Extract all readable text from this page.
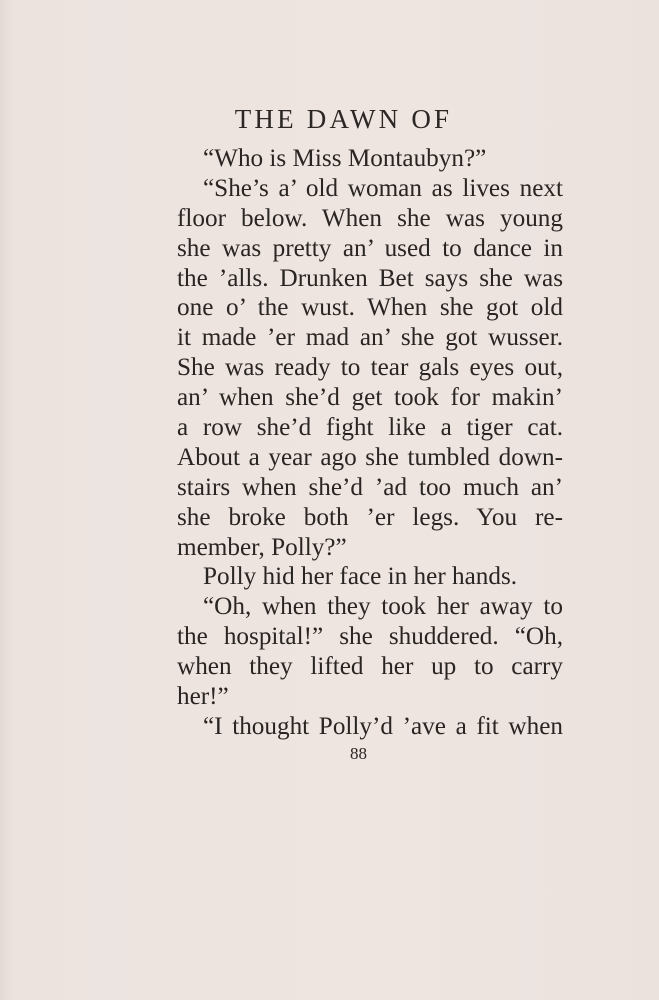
THE DAWN OF
“Who is Miss Montaubyn?”
“She’s a’ old woman as lives next
floor below. When she was young
she was pretty an’ used to dance in
the ’alls. Drunken Bet says she was
one o’ the wust. When she got old
it made ’er mad an’ she got wusser.
She was ready to tear gals eyes out,
an’ when she’d get took for makin’
a row she’d fight like a tiger cat.
About a year ago she tumbled down-
stairs when she’d ’ad too much an’
she broke both ’er legs. You re-
member, Polly?”
Polly hid her face in her hands.
“Oh, when they took her away to
the hospital!” she shuddered. “Oh,
when they lifted her up to carry
her!”
“I thought Polly’d ’ave a fit when
88
